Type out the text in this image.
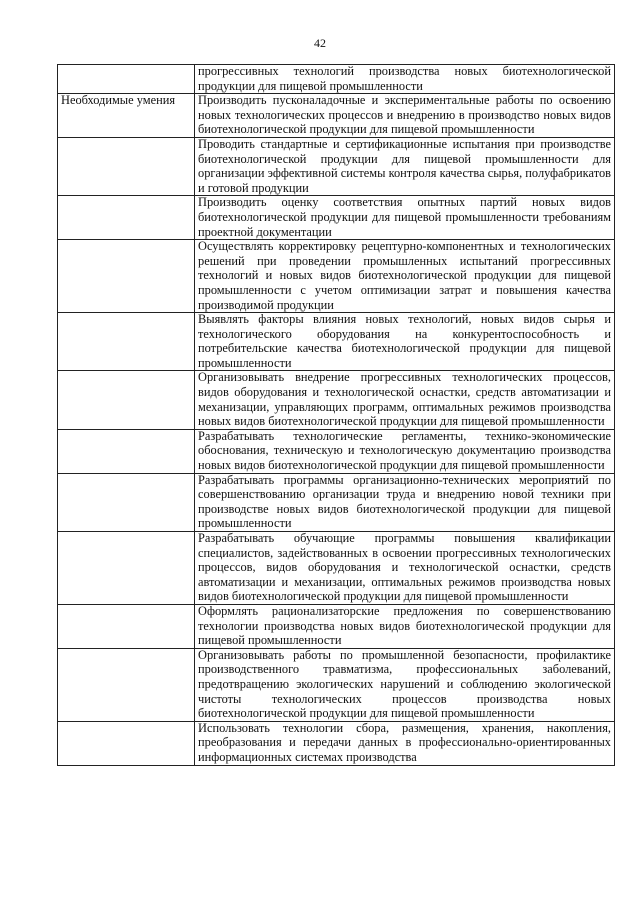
42

	прогрессивных технологий производства новых биотехнологической продукции для пищевой промышленности

Необходимые умения	Производить пусконаладочные и экспериментальные работы по освоению новых технологических процессов и внедрению в производство новых видов биотехнологической продукции для пищевой промышленности

	Проводить стандартные и сертификационные испытания при производстве биотехнологической продукции для пищевой промышленности для организации эффективной системы контроля качества сырья, полуфабрикатов и готовой продукции

	Производить оценку соответствия опытных партий новых видов биотехнологической продукции для пищевой промышленности требованиям проектной документации

	Осуществлять корректировку рецептурно-компонентных и технологических решений при проведении промышленных испытаний прогрессивных технологий и новых видов биотехнологической продукции для пищевой промышленности с учетом оптимизации затрат и повышения качества производимой продукции

	Выявлять факторы влияния новых технологий, новых видов сырья и технологического оборудования на конкурентоспособность и потребительские качества биотехнологической продукции для пищевой промышленности

	Организовывать внедрение прогрессивных технологических процессов, видов оборудования и технологической оснастки, средств автоматизации и механизации, управляющих программ, оптимальных режимов производства новых видов биотехнологической продукции для пищевой промышленности

	Разрабатывать технологические регламенты, технико-экономические обоснования, техническую и технологическую документацию производства новых видов биотехнологической продукции для пищевой промышленности

	Разрабатывать программы организационно-технических мероприятий по совершенствованию организации труда и внедрению новой техники при производстве новых видов биотехнологической продукции для пищевой промышленности

	Разрабатывать обучающие программы повышения квалификации специалистов, задействованных в освоении прогрессивных технологических процессов, видов оборудования и технологической оснастки, средств автоматизации и механизации, оптимальных режимов производства новых видов биотехнологической продукции для пищевой промышленности

	Оформлять рационализаторские предложения по совершенствованию технологии производства новых видов биотехнологической продукции для пищевой промышленности

	Организовывать работы по промышленной безопасности, профилактике производственного травматизма, профессиональных заболеваний, предотвращению экологических нарушений и соблюдению экологической чистоты технологических процессов производства новых биотехнологической продукции для пищевой промышленности

	Использовать технологии сбора, размещения, хранения, накопления, преобразования и передачи данных в профессионально-ориентированных информационных системах производства
